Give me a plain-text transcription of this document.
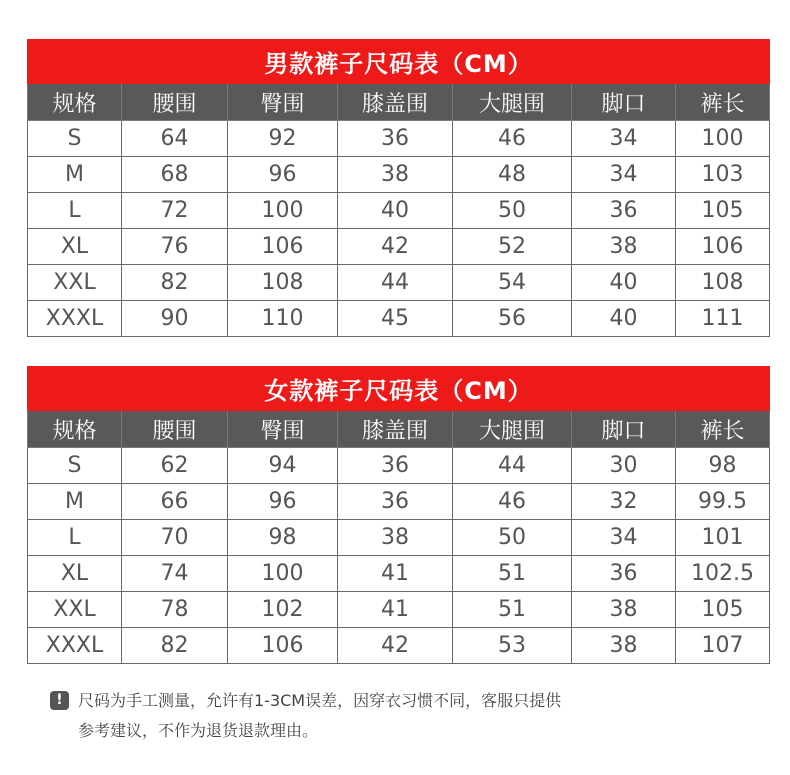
男款裤子尺码表（CM）						
规格	腰围	臀围	膝盖围	大腿围	脚口	裤长
S	64	92	36	46	34	100
M	68	96	38	48	34	103
L	72	100	40	50	36	105
XL	76	106	42	52	38	106
XXL	82	108	44	54	40	108
XXXL	90	110	45	56	40	111
女款裤子尺码表（CM）						
规格	腰围	臀围	膝盖围	大腿围	脚口	裤长
S	62	94	36	44	30	98
M	66	96	36	46	32	99.5
L	70	98	38	50	34	101
XL	74	100	41	51	36	102.5
XXL	78	102	41	51	38	105
XXXL	82	106	42	53	38	107
! 尺码为手工测量，允许有1-3CM误差，因穿衣习惯不同，客服只提供
参考建议，不作为退货退款理由。
